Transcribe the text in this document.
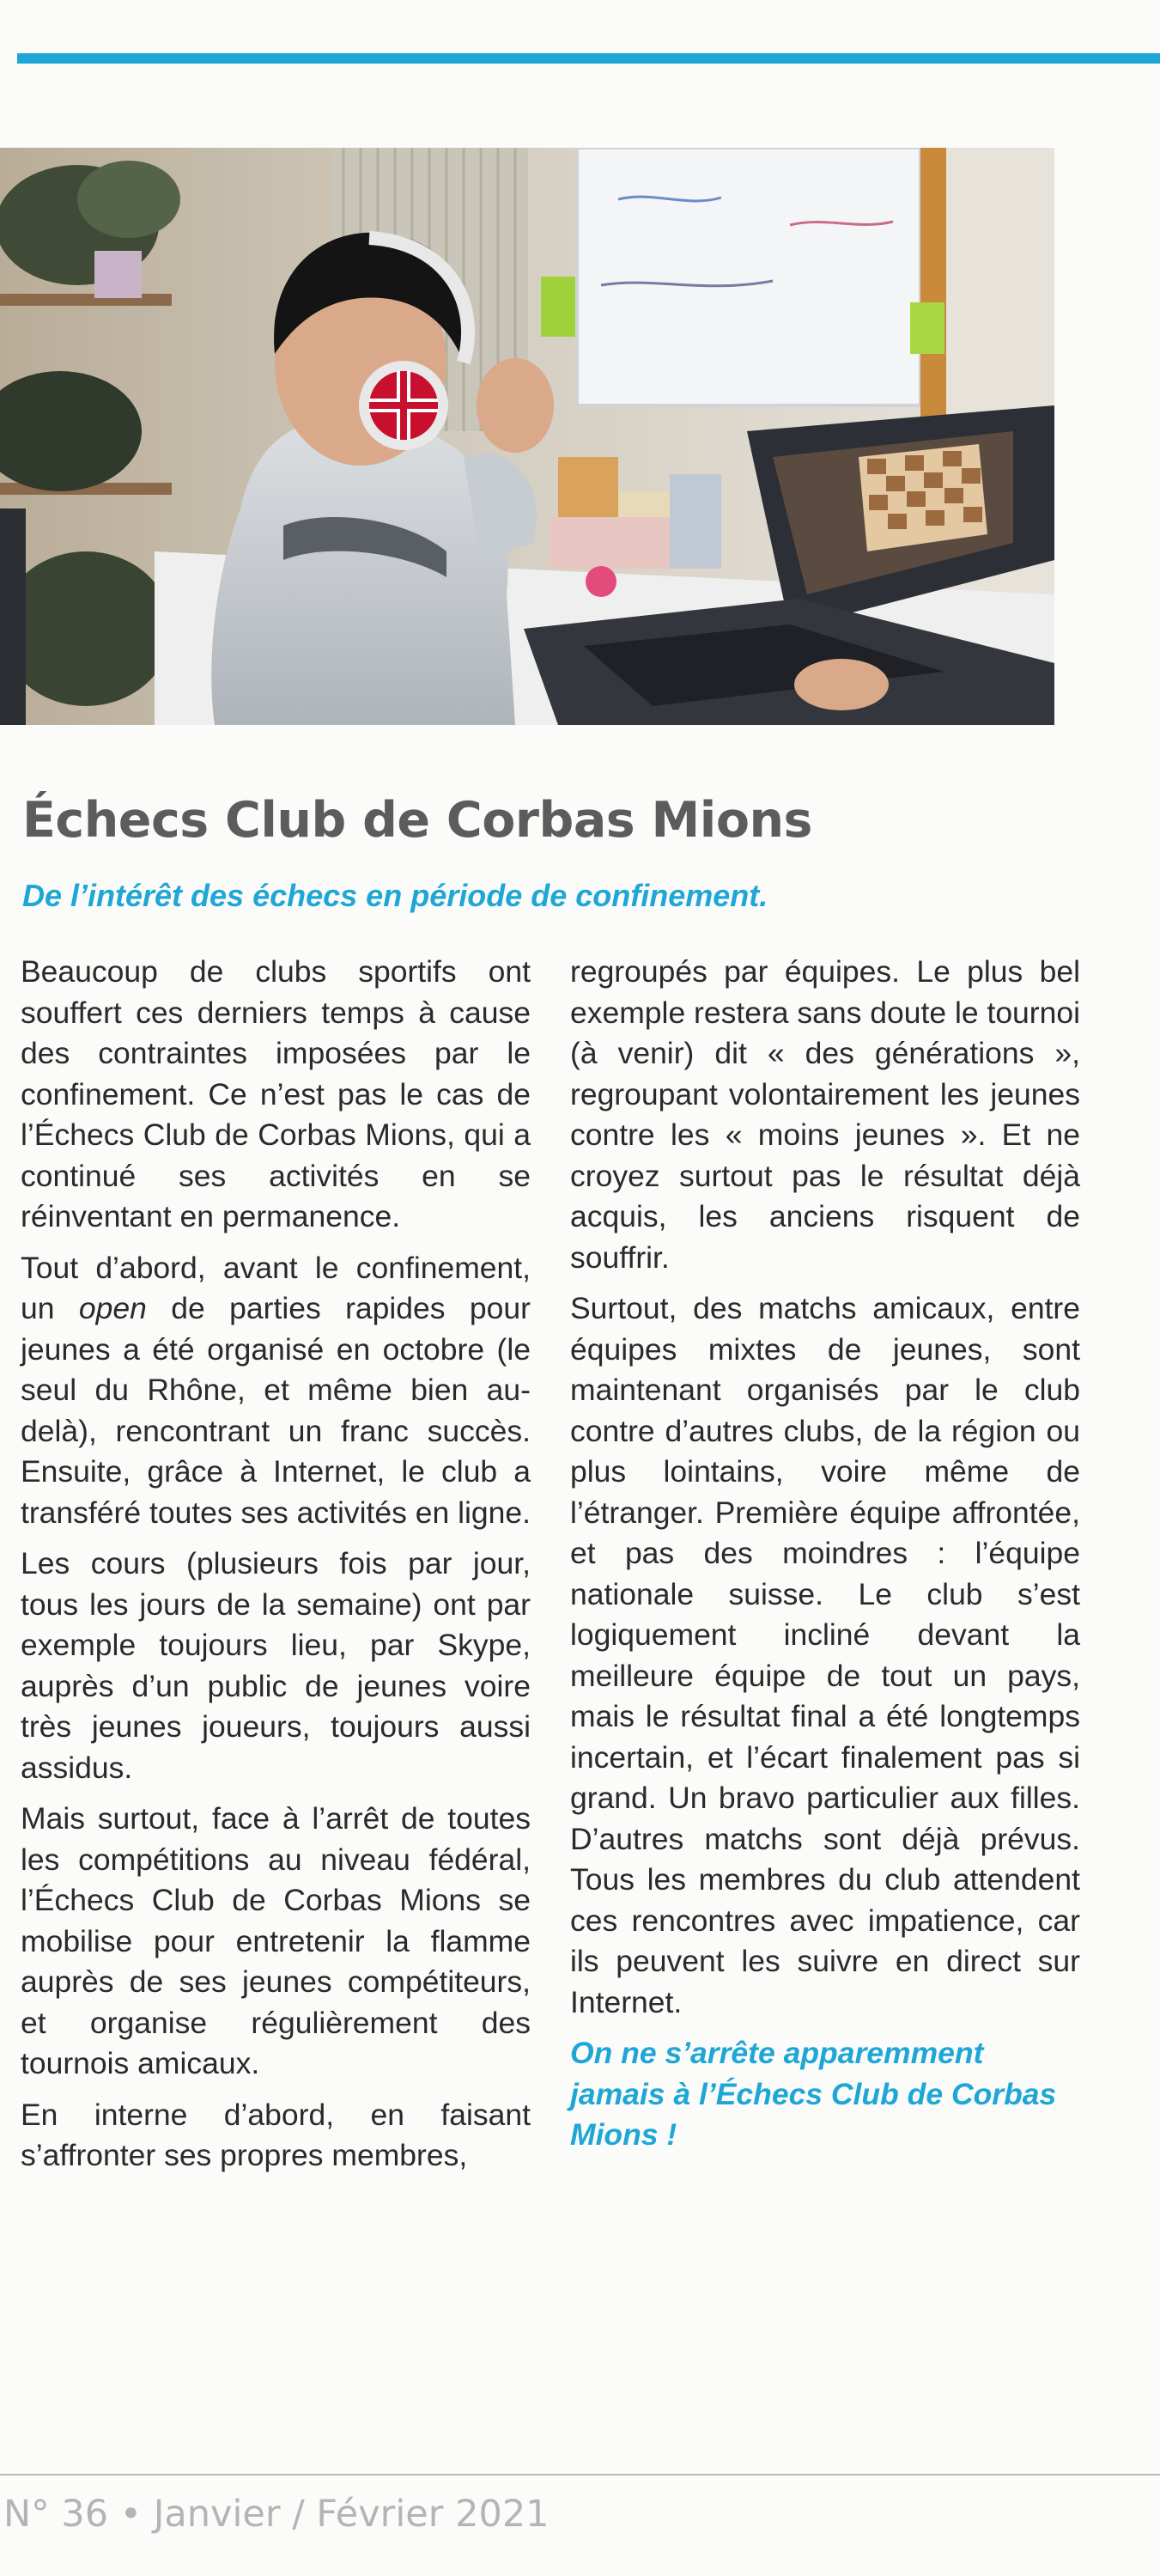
Échecs Club de Corbas Mions
De l’intérêt des échecs en période de confinement.

Beaucoup de clubs sportifs ont souffert ces derniers temps à cause des contraintes imposées par le confinement. Ce n’est pas le cas de l’Échecs Club de Corbas Mions, qui a continué ses activités en se réinventant en permanence.

Tout d’abord, avant le confinement, un open de parties rapides pour jeunes a été organisé en octobre (le seul du Rhône, et même bien au-delà), rencontrant un franc succès. Ensuite, grâce à Internet, le club a transféré toutes ses activités en ligne.

Les cours (plusieurs fois par jour, tous les jours de la semaine) ont par exemple toujours lieu, par Skype, auprès d’un public de jeunes voire très jeunes joueurs, toujours aussi assidus.

Mais surtout, face à l’arrêt de toutes les compétitions au niveau fédéral, l’Échecs Club de Corbas Mions se mobilise pour entretenir la flamme auprès de ses jeunes compétiteurs, et organise régulièrement des tournois amicaux.

En interne d’abord, en faisant s’affronter ses propres membres,

regroupés par équipes. Le plus bel exemple restera sans doute le tournoi (à venir) dit « des générations », regroupant volontairement les jeunes contre les « moins jeunes ». Et ne croyez surtout pas le résultat déjà acquis, les anciens risquent de souffrir.

Surtout, des matchs amicaux, entre équipes mixtes de jeunes, sont maintenant organisés par le club contre d’autres clubs, de la région ou plus lointains, voire même de l’étranger. Première équipe affrontée, et pas des moindres : l’équipe nationale suisse. Le club s’est logiquement incliné devant la meilleure équipe de tout un pays, mais le résultat final a été longtemps incertain, et l’écart finalement pas si grand. Un bravo particulier aux filles. D’autres matchs sont déjà prévus. Tous les membres du club attendent ces rencontres avec impatience, car ils peuvent les suivre en direct sur Internet.

On ne s’arrête apparemment jamais à l’Échecs Club de Corbas Mions !

N° 36 • Janvier / Février 2021
